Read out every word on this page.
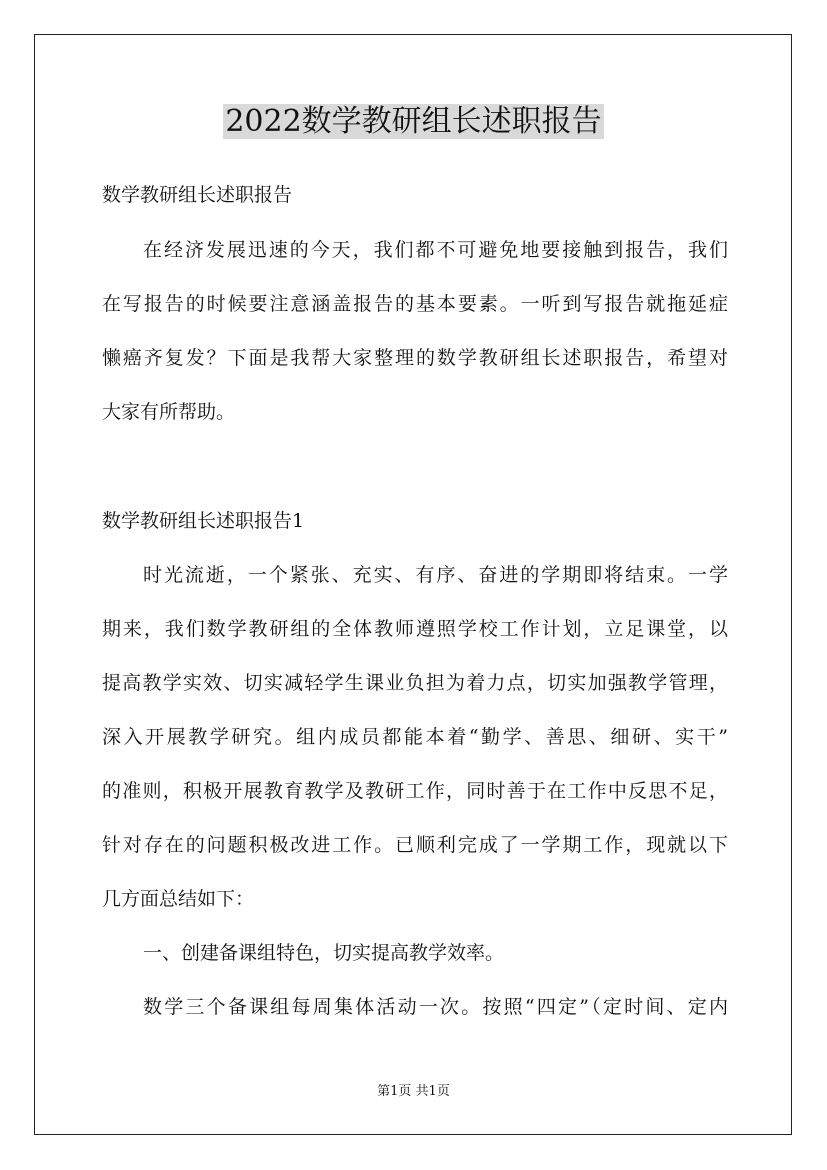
2022数学教研组长述职报告
数学教研组长述职报告
在经济发展迅速的今天，我们都不可避免地要接触到报告，我们
在写报告的时候要注意涵盖报告的基本要素。一听到写报告就拖延症
懒癌齐复发？下面是我帮大家整理的数学教研组长述职报告，希望对
大家有所帮助。
数学教研组长述职报告1
时光流逝，一个紧张、充实、有序、奋进的学期即将结束。一学
期来，我们数学教研组的全体教师遵照学校工作计划，立足课堂，以
提高教学实效、切实减轻学生课业负担为着力点，切实加强教学管理，
深入开展教学研究。组内成员都能本着“勤学、善思、细研、实干”
的准则，积极开展教育教学及教研工作，同时善于在工作中反思不足，
针对存在的问题积极改进工作。已顺利完成了一学期工作，现就以下
几方面总结如下：
一、创建备课组特色，切实提高教学效率。
数学三个备课组每周集体活动一次。按照“四定”（定时间、定内
第1页 共1页
